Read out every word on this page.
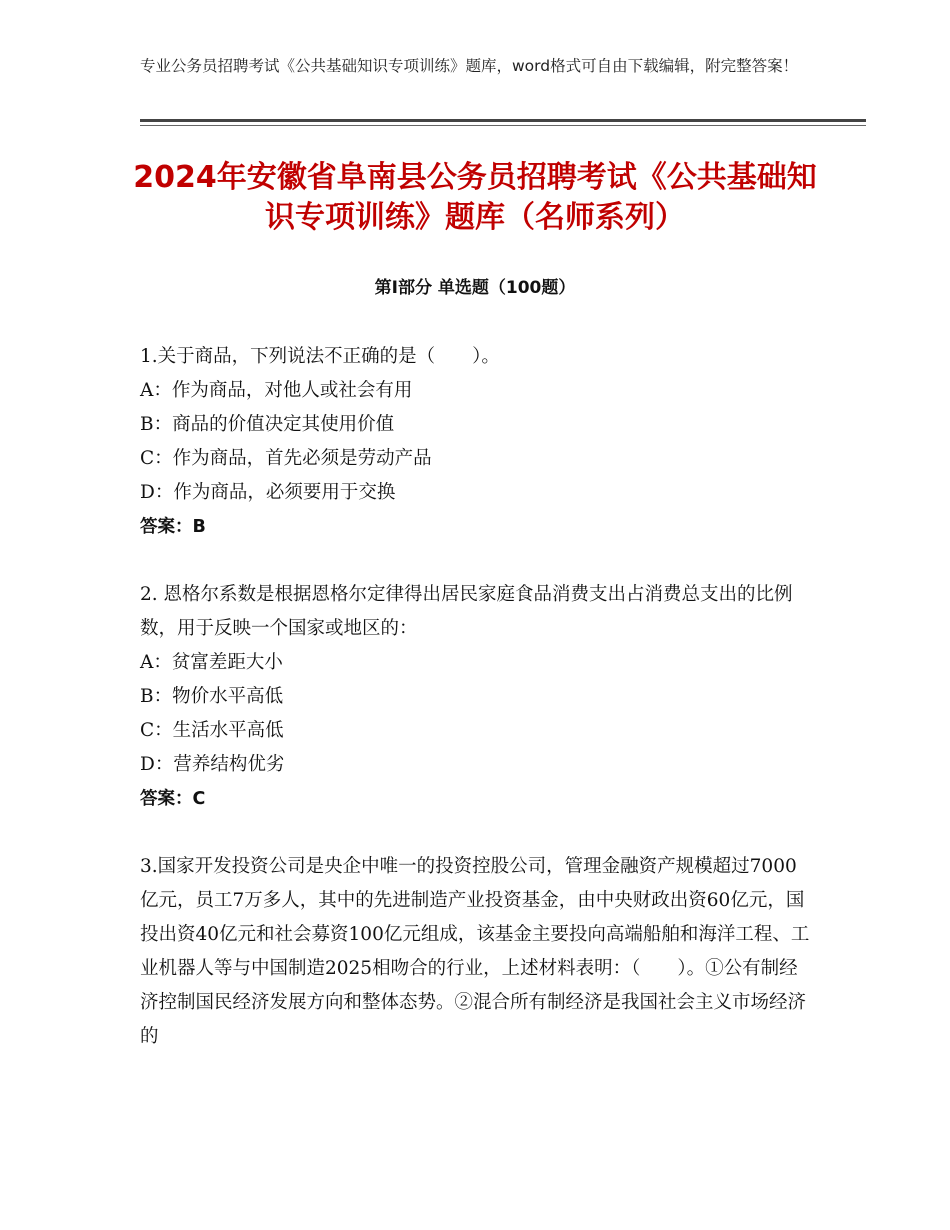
专业公务员招聘考试《公共基础知识专项训练》题库，word格式可自由下载编辑，附完整答案！
2024年安徽省阜南县公务员招聘考试《公共基础知识专项训练》题库（名师系列）
第Ⅰ部分 单选题（100题）

1.关于商品，下列说法不正确的是（　　）。

A：作为商品，对他人或社会有用

B：商品的价值决定其使用价值

C：作为商品，首先必须是劳动产品

D：作为商品，必须要用于交换

答案：B

2. 恩格尔系数是根据恩格尔定律得出居民家庭食品消费支出占消费总支出的比例数，用于反映一个国家或地区的：

A：贫富差距大小

B：物价水平高低

C：生活水平高低

D：营养结构优劣

答案：C

3.国家开发投资公司是央企中唯一的投资控股公司，管理金融资产规模超过7000亿元，员工7万多人，其中的先进制造产业投资基金，由中央财政出资60亿元，国投出资40亿元和社会募资100亿元组成，该基金主要投向高端船舶和海洋工程、工业机器人等与中国制造2025相吻合的行业，上述材料表明：（　　）。①公有制经济控制国民经济发展方向和整体态势。②混合所有制经济是我国社会主义市场经济的
